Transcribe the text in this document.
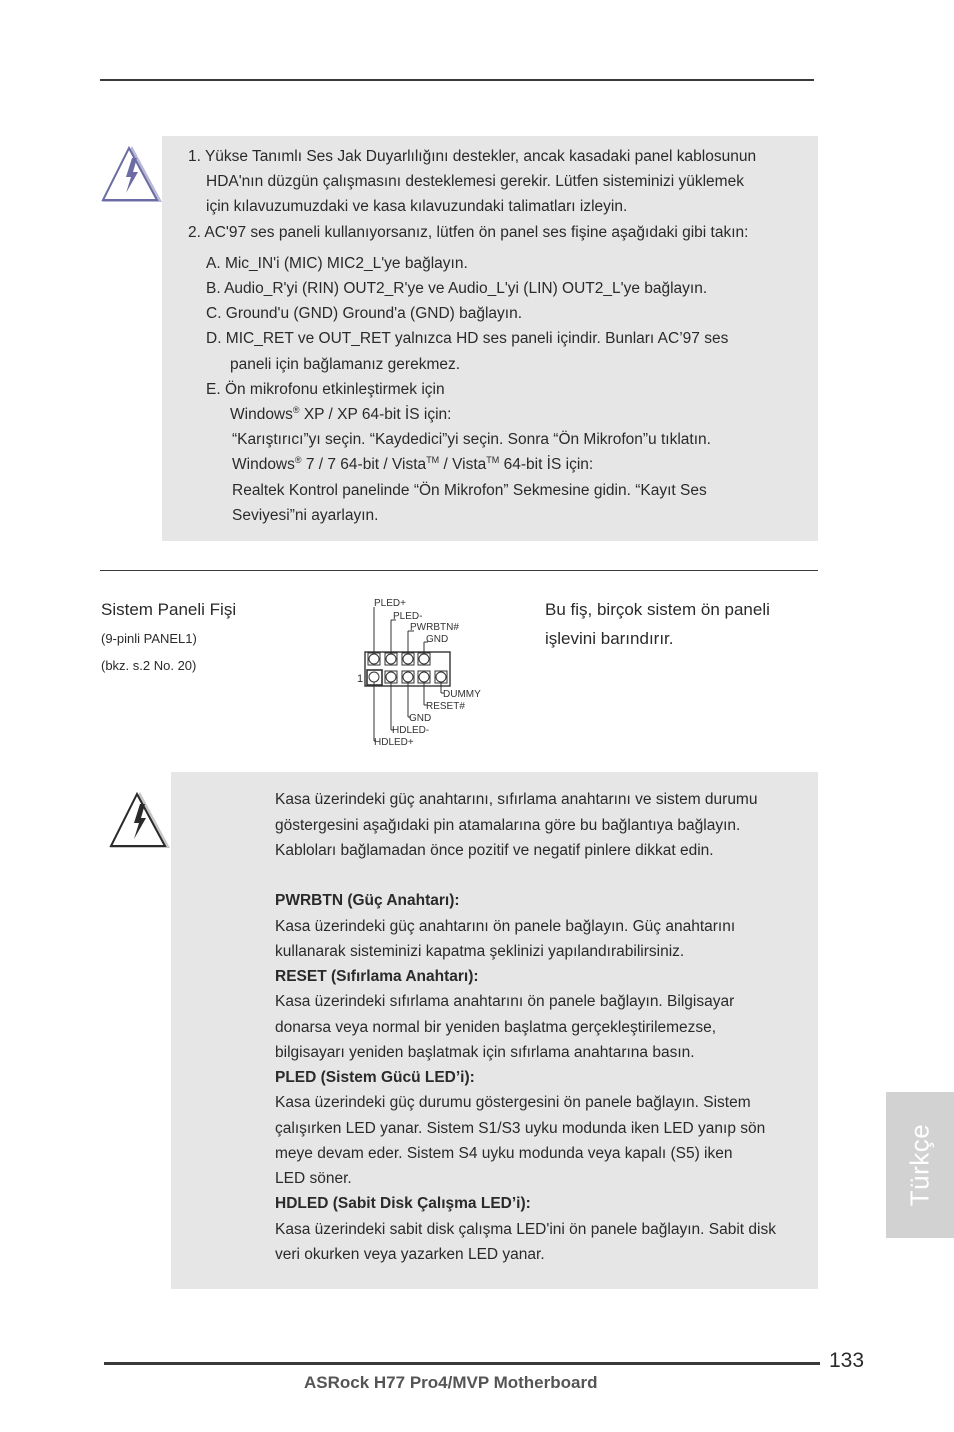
1. Yükse Tanımlı Ses Jak Duyarlılığını destekler, ancak kasadaki panel kablosunun
HDA'nın düzgün çalışmasını desteklemesi gerekir. Lütfen sisteminizi yüklemek
için kılavuzumuzdaki ve kasa kılavuzundaki talimatları izleyin.
2. AC'97 ses paneli kullanıyorsanız, lütfen ön panel ses fişine aşağıdaki gibi takın:
A. Mic_IN'i (MIC) MIC2_L'ye bağlayın.
B. Audio_R'yi (RIN) OUT2_R'ye ve Audio_L'yi (LIN) OUT2_L'ye bağlayın.
C. Ground'u (GND) Ground'a (GND) bağlayın.
D. MIC_RET ve OUT_RET yalnızca HD ses paneli içindir. Bunları AC’97 ses
paneli için bağlamanız gerekmez.
E. Ön mikrofonu etkinleştirmek için
Windows® XP / XP 64-bit İS için:
“Karıştırıcı”yı seçin. “Kaydedici”yi seçin. Sonra “Ön Mikrofon”u tıklatın.
Windows® 7 / 7 64-bit / Vista™ / Vista™ 64-bit İS için:
Realtek Kontrol panelinde “Ön Mikrofon” Sekmesine gidin. “Kayıt Ses
Seviyesi”ni ayarlayın.
Sistem Paneli Fişi
(9-pinli PANEL1)
(bkz. s.2 No. 20)
Bu fiş, birçok sistem ön paneli
işlevini barındırır.
PLED+
PLED-
PWRBTN#
GND
DUMMY
RESET#
GND
HDLED-
HDLED+
1
Kasa üzerindeki güç anahtarını, sıfırlama anahtarını ve sistem durumu
göstergesini aşağıdaki pin atamalarına göre bu bağlantıya bağlayın.
Kabloları bağlamadan önce pozitif ve negatif pinlere dikkat edin.
PWRBTN (Güç Anahtarı):
Kasa üzerindeki güç anahtarını ön panele bağlayın. Güç anahtarını
kullanarak sisteminizi kapatma şeklinizi yapılandırabilirsiniz.
RESET (Sıfırlama Anahtarı):
Kasa üzerindeki sıfırlama anahtarını ön panele bağlayın. Bilgisayar
donarsa veya normal bir yeniden başlatma gerçekleştirilemezse,
bilgisayarı yeniden başlatmak için sıfırlama anahtarına basın.
PLED (Sistem Gücü LED’i):
Kasa üzerindeki güç durumu göstergesini ön panele bağlayın. Sistem
çalışırken LED yanar. Sistem S1/S3 uyku modunda iken LED yanıp sön
meye devam eder. Sistem S4 uyku modunda veya kapalı (S5) iken
LED söner.
HDLED (Sabit Disk Çalışma LED’i):
Kasa üzerindeki sabit disk çalışma LED'ini ön panele bağlayın. Sabit disk
veri okurken veya yazarken LED yanar.
Türkçe
133
ASRock H77 Pro4/MVP Motherboard
